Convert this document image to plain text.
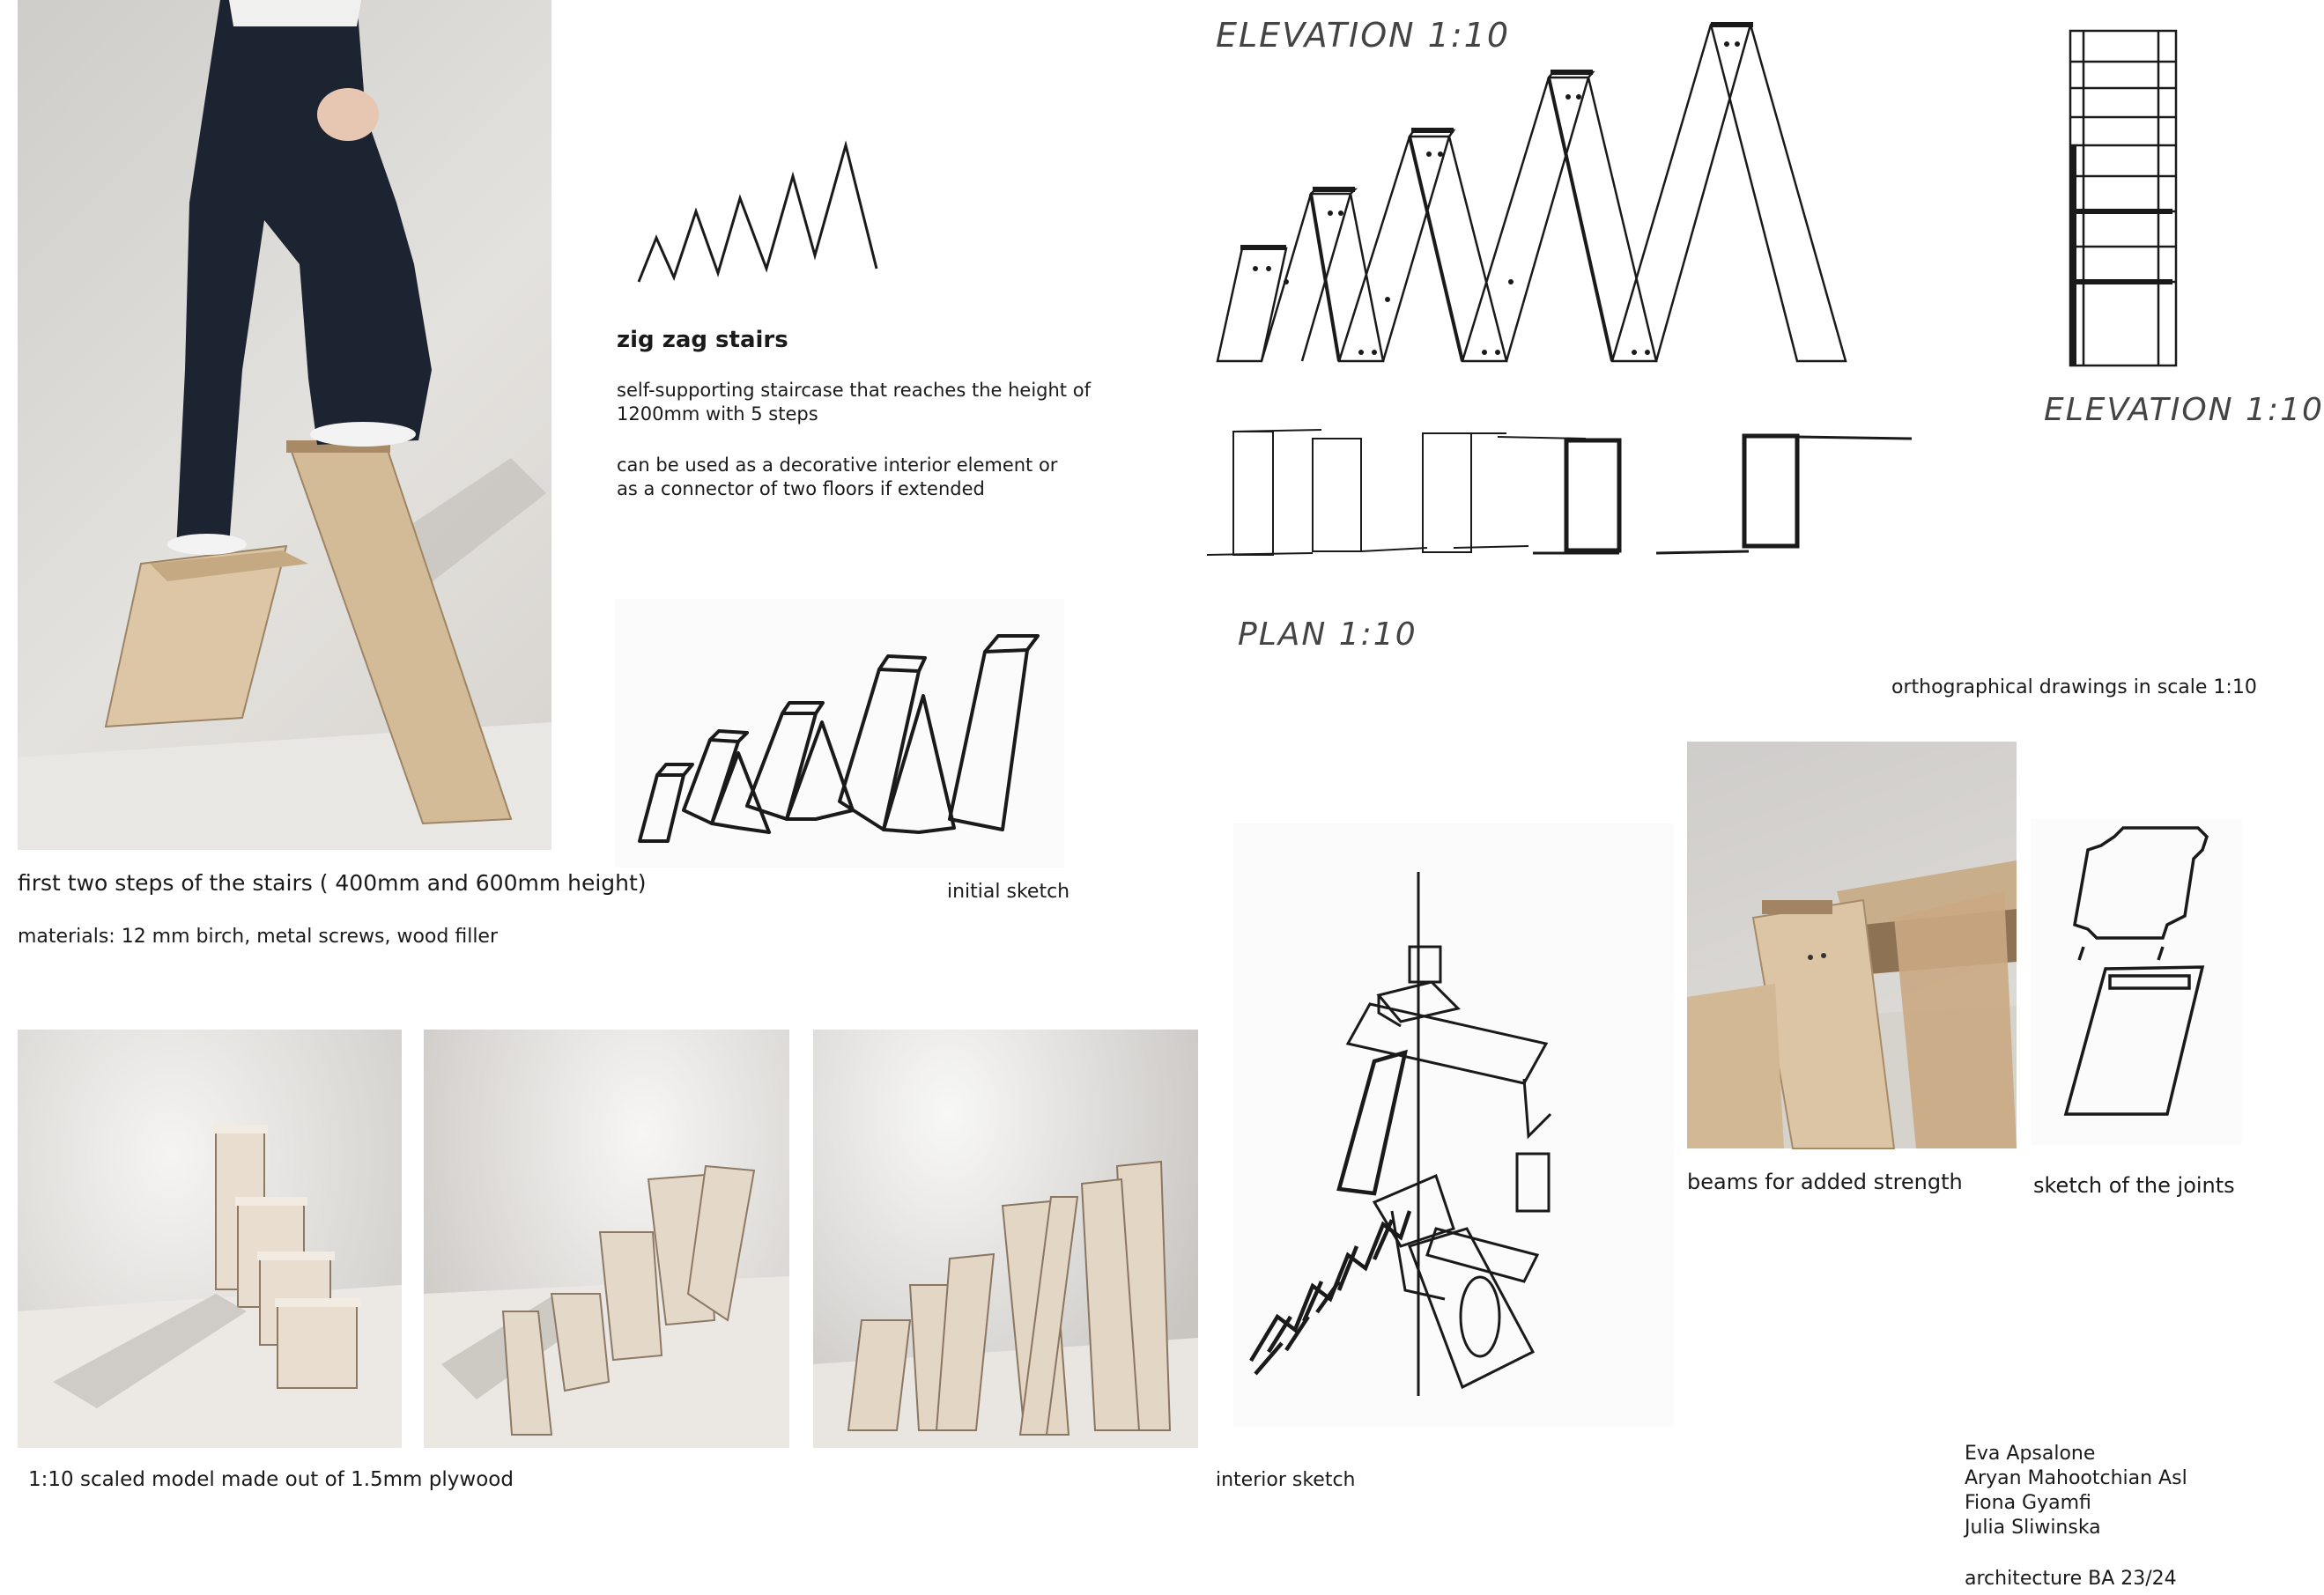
first two steps of the stairs ( 400mm and 600mm height)
materials: 12 mm birch, metal screws, wood filler
zig zag stairs
self-supporting staircase that reaches the height of
1200mm with 5 steps
can be used as a decorative interior element or
as a connector of two floors if extended
initial sketch
ELEVATION 1:10
PLAN 1:10
ELEVATION 1:10
orthographical drawings in scale 1:10
beams for added strength	sketch of the joints
1:10 scaled model made out of 1.5mm plywood	interior sketch
Eva Apsalone
Aryan Mahootchian Asl
Fiona Gyamfi
Julia Sliwinska
architecture BA 23/24
